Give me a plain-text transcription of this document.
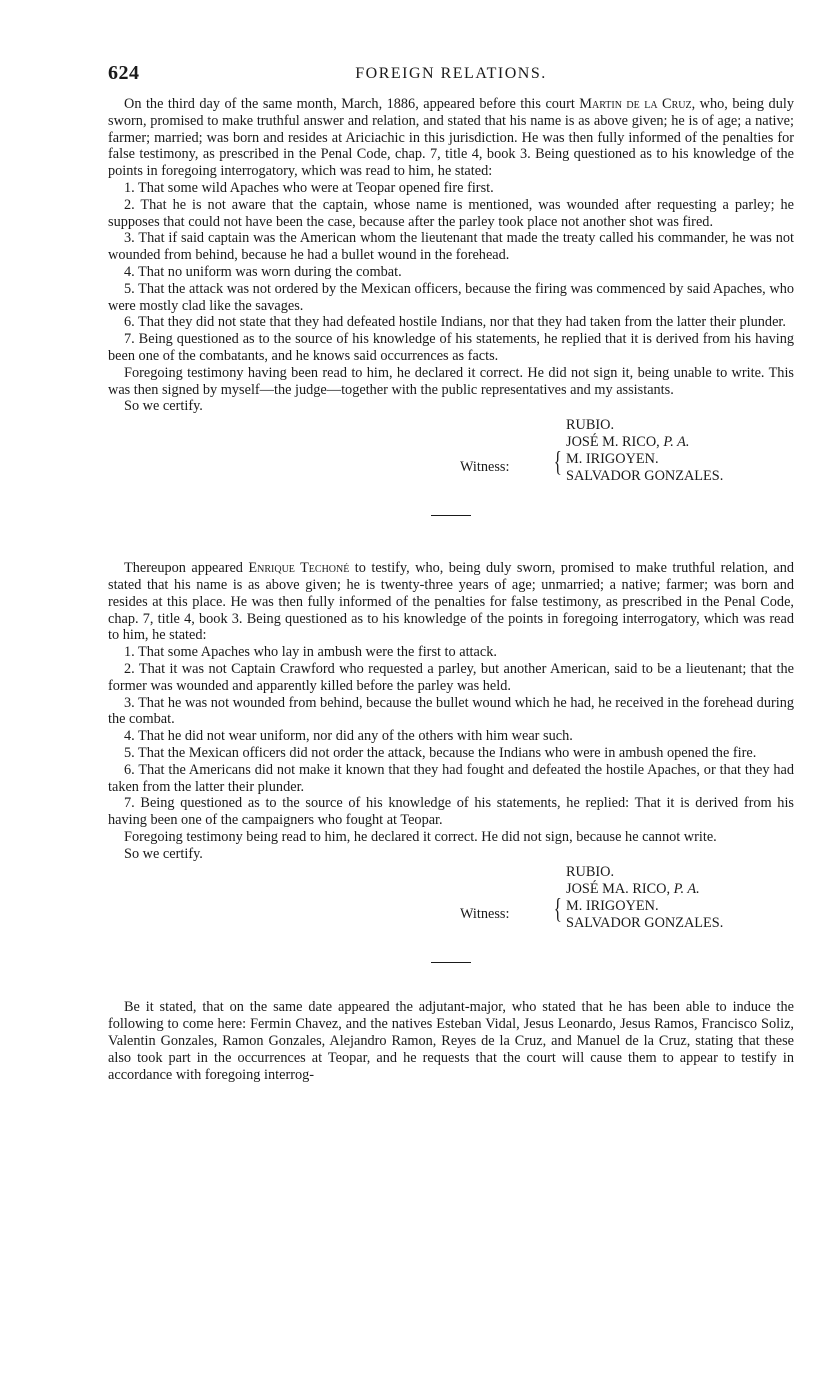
624	FOREIGN RELATIONS.

On the third day of the same month, March, 1886, appeared before this court Martin de la Cruz, who, being duly sworn, promised to make truthful answer and relation, and stated that his name is as above given; he is of age; a native; farmer; married; was born and resides at Ariciachic in this jurisdiction. He was then fully informed of the penalties for false testimony, as prescribed in the Penal Code, chap. 7, title 4, book 3. Being questioned as to his knowledge of the points in foregoing interrogatory, which was read to him, he stated:

1. That some wild Apaches who were at Teopar opened fire first.

2. That he is not aware that the captain, whose name is mentioned, was wounded after requesting a parley; he supposes that could not have been the case, because after the parley took place not another shot was fired.

3. That if said captain was the American whom the lieutenant that made the treaty called his commander, he was not wounded from behind, because he had a bullet wound in the forehead.

4. That no uniform was worn during the combat.

5. That the attack was not ordered by the Mexican officers, because the firing was commenced by said Apaches, who were mostly clad like the savages.

6. That they did not state that they had defeated hostile Indians, nor that they had taken from the latter their plunder.

7. Being questioned as to the source of his knowledge of his statements, he replied that it is derived from his having been one of the combatants, and he knows said occurrences as facts.

Foregoing testimony having been read to him, he declared it correct. He did not sign it, being unable to write. This was then signed by myself—the judge—together with the public representatives and my assistants.

So we certify.

RUBIO.
JOSÉ M. RICO, P. A.
Witness: { M. IRIGOYEN.
SALVADOR GONZALES.

Thereupon appeared Enrique Techoné to testify, who, being duly sworn, promised to make truthful relation, and stated that his name is as above given; he is twenty-three years of age; unmarried; a native; farmer; was born and resides at this place. He was then fully informed of the penalties for false testimony, as prescribed in the Penal Code, chap. 7, title 4, book 3. Being questioned as to his knowledge of the points in foregoing interrogatory, which was read to him, he stated:

1. That some Apaches who lay in ambush were the first to attack.

2. That it was not Captain Crawford who requested a parley, but another American, said to be a lieutenant; that the former was wounded and apparently killed before the parley was held.

3. That he was not wounded from behind, because the bullet wound which he had, he received in the forehead during the combat.

4. That he did not wear uniform, nor did any of the others with him wear such.

5. That the Mexican officers did not order the attack, because the Indians who were in ambush opened the fire.

6. That the Americans did not make it known that they had fought and defeated the hostile Apaches, or that they had taken from the latter their plunder.

7. Being questioned as to the source of his knowledge of his statements, he replied: That it is derived from his having been one of the campaigners who fought at Teopar.

Foregoing testimony being read to him, he declared it correct. He did not sign, because he cannot write.

So we certify.

RUBIO.
JOSÉ MA. RICO, P. A.
Witness: { M. IRIGOYEN.
SALVADOR GONZALES.

Be it stated, that on the same date appeared the adjutant-major, who stated that he has been able to induce the following to come here: Fermin Chavez, and the natives Esteban Vidal, Jesus Leonardo, Jesus Ramos, Francisco Soliz, Valentin Gonzales, Ramon Gonzales, Alejandro Ramon, Reyes de la Cruz, and Manuel de la Cruz, stating that these also took part in the occurrences at Teopar, and he requests that the court will cause them to appear to testify in accordance with foregoing interrog-
